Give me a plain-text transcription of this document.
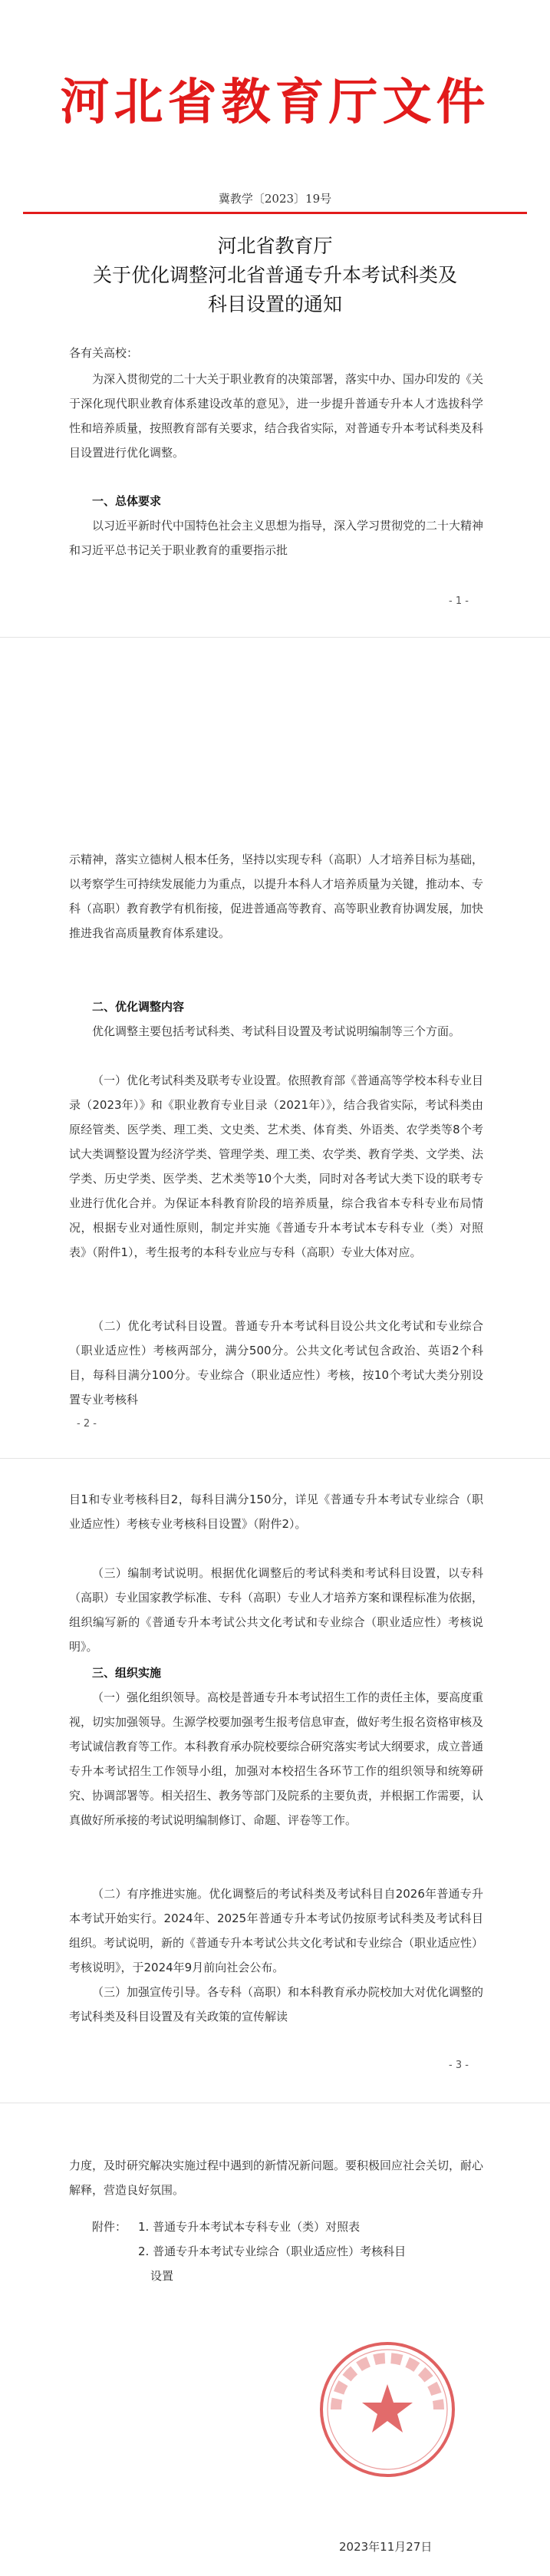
河北省教育厅文件
冀教学〔2023〕19号
河北省教育厅
关于优化调整河北省普通专升本考试科类及
科目设置的通知
各有关高校：
为深入贯彻党的二十大关于职业教育的决策部署，落实中办、国办印发的《关于深化现代职业教育体系建设改革的意见》，进一步提升普通专升本人才选拔科学性和培养质量，按照教育部有关要求，结合我省实际，对普通专升本考试科类及科目设置进行优化调整。
一、总体要求
以习近平新时代中国特色社会主义思想为指导，深入学习贯彻党的二十大精神和习近平总书记关于职业教育的重要指示批
- 1 -
示精神，落实立德树人根本任务，坚持以实现专科（高职）人才培养目标为基础，以考察学生可持续发展能力为重点，以提升本科人才培养质量为关键，推动本、专科（高职）教育教学有机衔接，促进普通高等教育、高等职业教育协调发展，加快推进我省高质量教育体系建设。
二、优化调整内容
优化调整主要包括考试科类、考试科目设置及考试说明编制等三个方面。
（一）优化考试科类及联考专业设置。依照教育部《普通高等学校本科专业目录（2023年）》和《职业教育专业目录（2021年）》，结合我省实际，考试科类由原经管类、医学类、理工类、文史类、艺术类、体育类、外语类、农学类等8个考试大类调整设置为经济学类、管理学类、理工类、农学类、教育学类、文学类、法学类、历史学类、医学类、艺术类等10个大类，同时对各考试大类下设的联考专业进行优化合并。为保证本科教育阶段的培养质量，综合我省本专科专业布局情况，根据专业对通性原则，制定并实施《普通专升本考试本专科专业（类）对照表》（附件1），考生报考的本科专业应与专科（高职）专业大体对应。
（二）优化考试科目设置。普通专升本考试科目设公共文化考试和专业综合（职业适应性）考核两部分，满分500分。公共文化考试包含政治、英语2个科目，每科目满分100分。专业综合（职业适应性）考核，按10个考试大类分别设置专业考核科
- 2 -
目1和专业考核科目2，每科目满分150分，详见《普通专升本考试专业综合（职业适应性）考核专业考核科目设置》（附件2）。
（三）编制考试说明。根据优化调整后的考试科类和考试科目设置，以专科（高职）专业国家教学标准、专科（高职）专业人才培养方案和课程标准为依据，组织编写新的《普通专升本考试公共文化考试和专业综合（职业适应性）考核说明》。
三、组织实施
（一）强化组织领导。高校是普通专升本考试招生工作的责任主体，要高度重视，切实加强领导。生源学校要加强考生报考信息审查，做好考生报名资格审核及考试诚信教育等工作。本科教育承办院校要综合研究落实考试大纲要求，成立普通专升本考试招生工作领导小组，加强对本校招生各环节工作的组织领导和统筹研究、协调部署等。相关招生、教务等部门及院系的主要负责，并根据工作需要，认真做好所承接的考试说明编制修订、命题、评卷等工作。
（二）有序推进实施。优化调整后的考试科类及考试科目自2026年普通专升本考试开始实行。2024年、2025年普通专升本考试仍按原考试科类及考试科目组织。考试说明，新的《普通专升本考试公共文化考试和专业综合（职业适应性）考核说明》，于2024年9月前向社会公布。
（三）加强宣传引导。各专科（高职）和本科教育承办院校加大对优化调整的考试科类及科目设置及有关政策的宣传解读
- 3 -
力度，及时研究解决实施过程中遇到的新情况新问题。要积极回应社会关切，耐心解释，营造良好氛围。
附件： 1. 普通专升本考试本专科专业（类）对照表
2. 普通专升本考试专业综合（职业适应性）考核科目
设置
2023年11月27日
